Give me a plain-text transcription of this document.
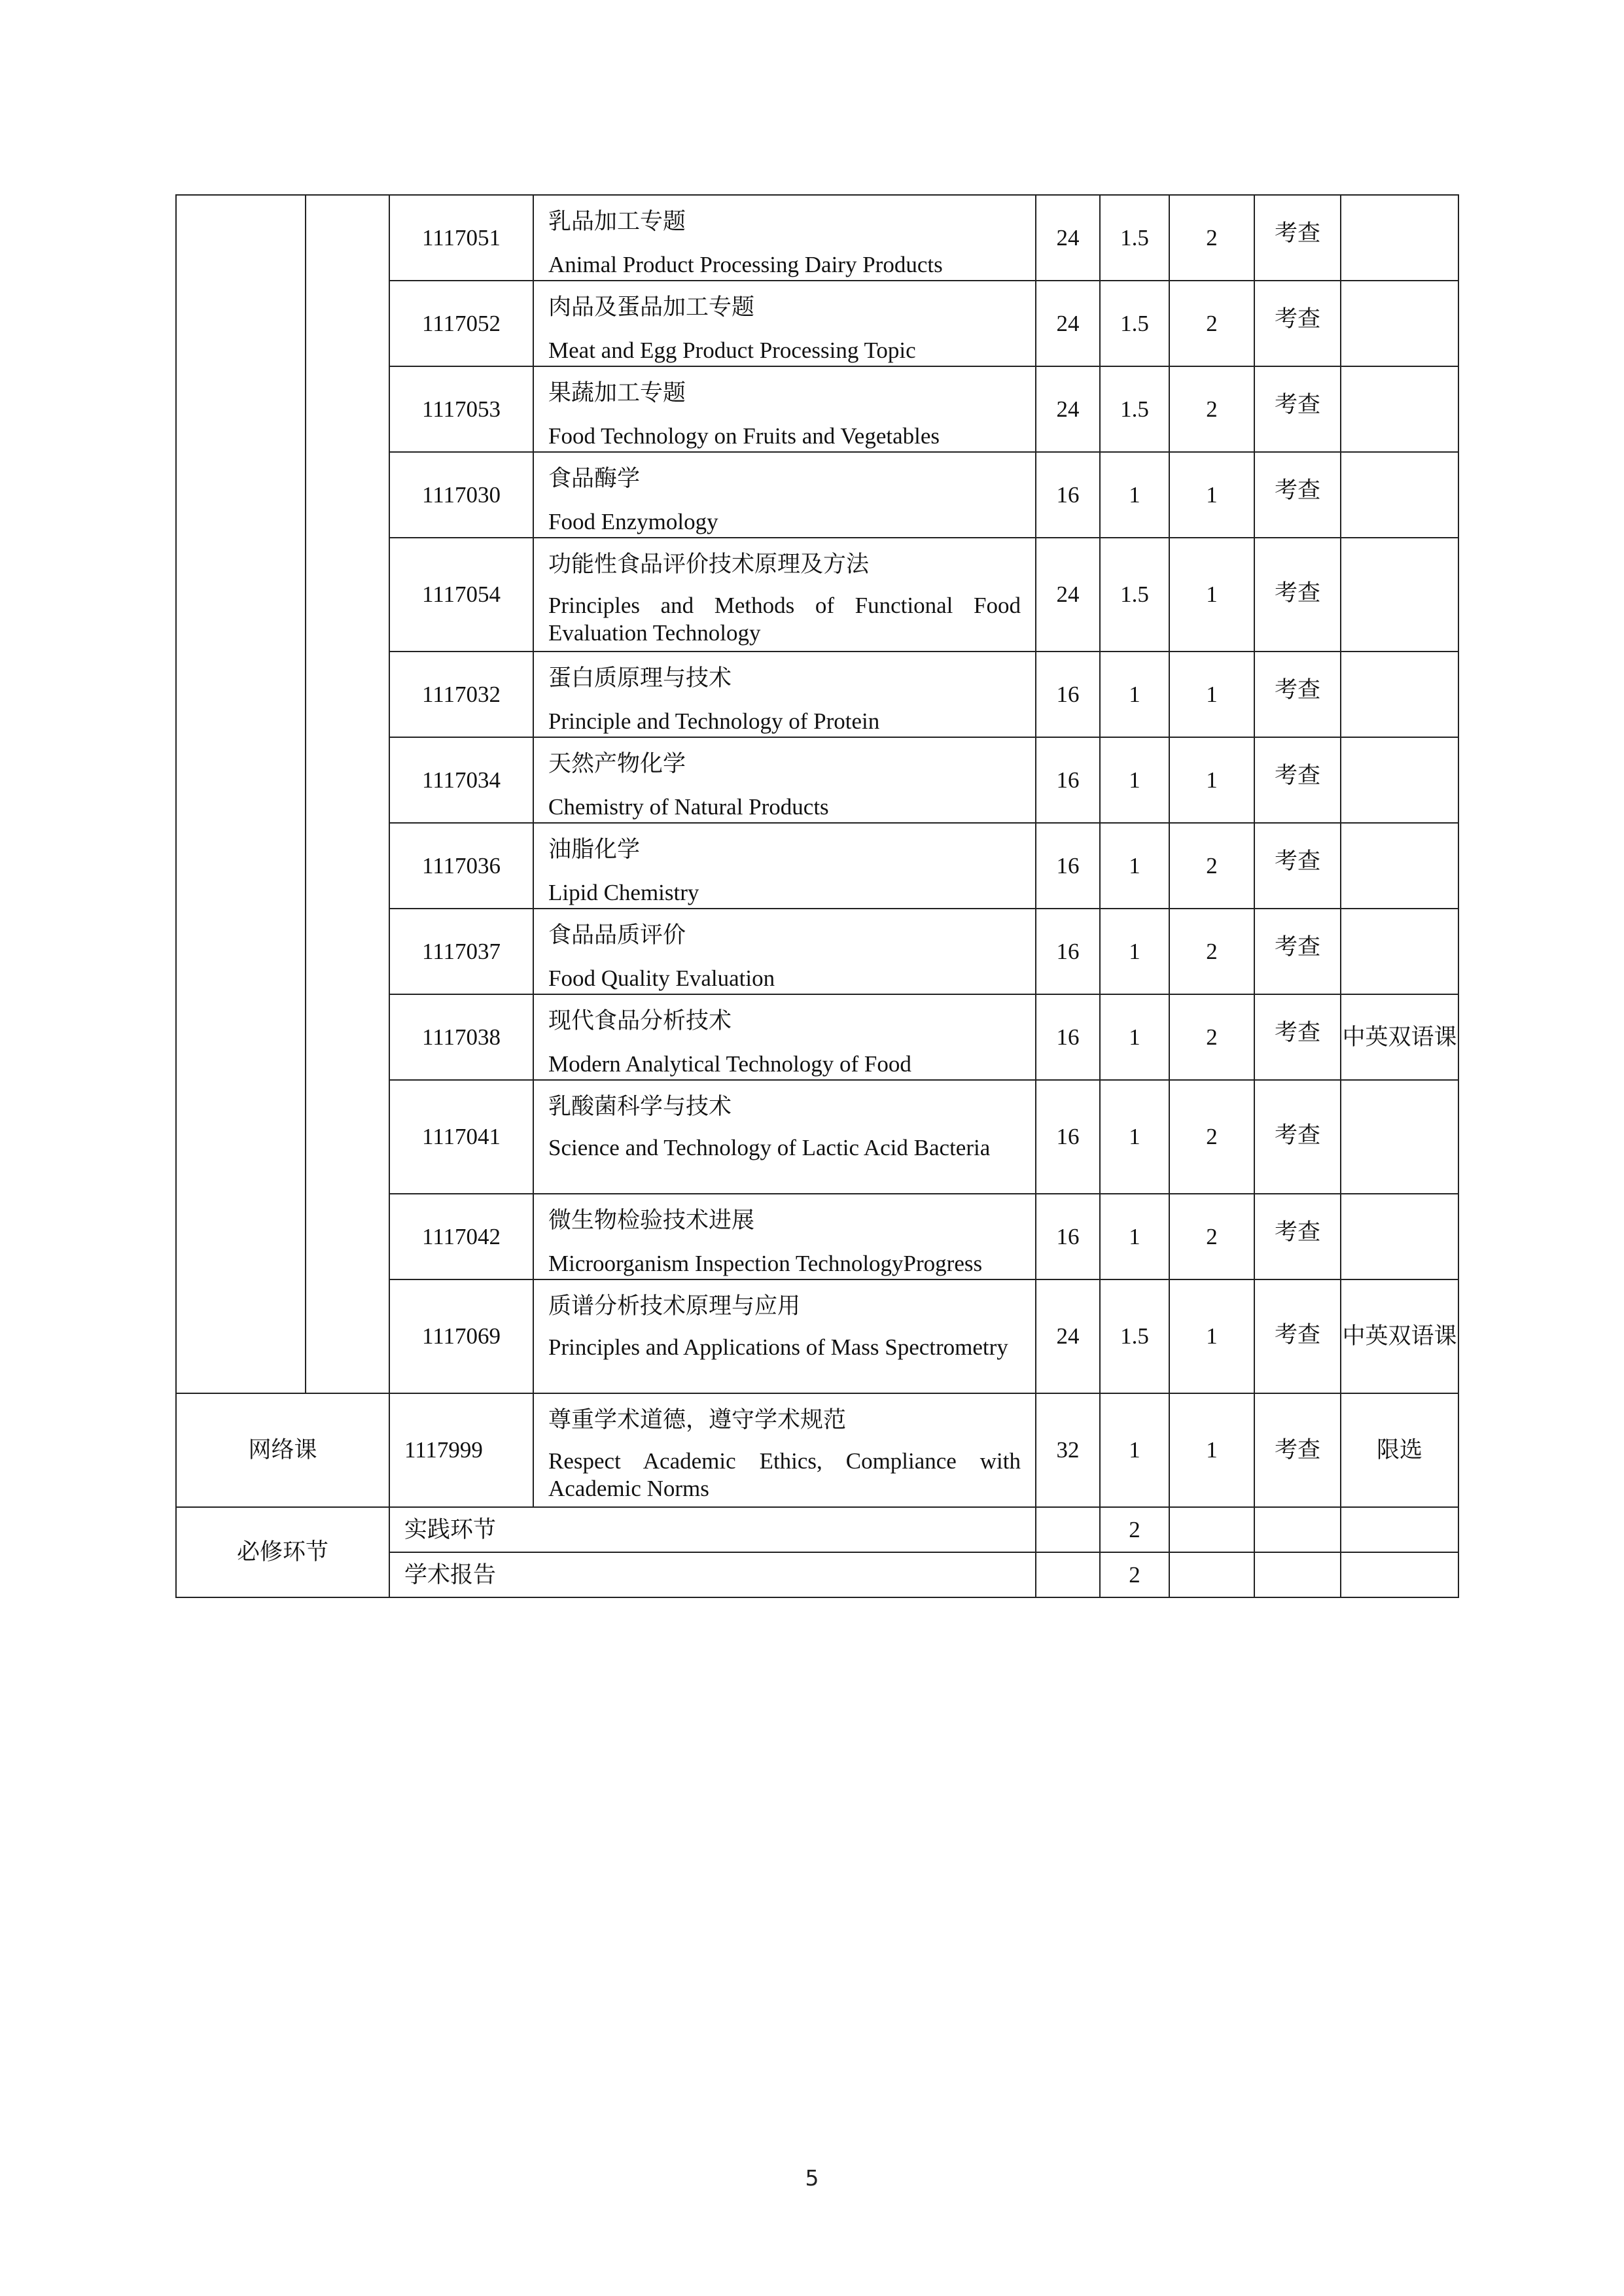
		1117051	乳品加工专题
Animal Product Processing Dairy Products	24	1.5	2	考查	
		1117052	肉品及蛋品加工专题
Meat and Egg Product Processing Topic	24	1.5	2	考查	
		1117053	果蔬加工专题
Food Technology on Fruits and Vegetables	24	1.5	2	考查	
		1117030	食品酶学
Food Enzymology	16	1	1	考查	
		1117054	功能性食品评价技术原理及方法
Principles and Methods of Functional Food Evaluation Technology	24	1.5	1	考查	
		1117032	蛋白质原理与技术
Principle and Technology of Protein	16	1	1	考查	
		1117034	天然产物化学
Chemistry of Natural Products	16	1	1	考查	
		1117036	油脂化学
Lipid Chemistry	16	1	2	考查	
		1117037	食品品质评价
Food Quality Evaluation	16	1	2	考查	
		1117038	现代食品分析技术
Modern Analytical Technology of Food	16	1	2	考查	中英双语课
		1117041	乳酸菌科学与技术
Science and Technology of Lactic Acid Bacteria	16	1	2	考查	
		1117042	微生物检验技术进展
Microorganism Inspection TechnologyProgress	16	1	2	考查	
		1117069	质谱分析技术原理与应用
Principles and Applications of Mass Spectrometry	24	1.5	1	考查	中英双语课
网络课		1117999	尊重学术道德，遵守学术规范
Respect Academic Ethics, Compliance with Academic Norms	32	1	1	考查	限选
必修环节		实践环节			2			
		学术报告			2			
5
